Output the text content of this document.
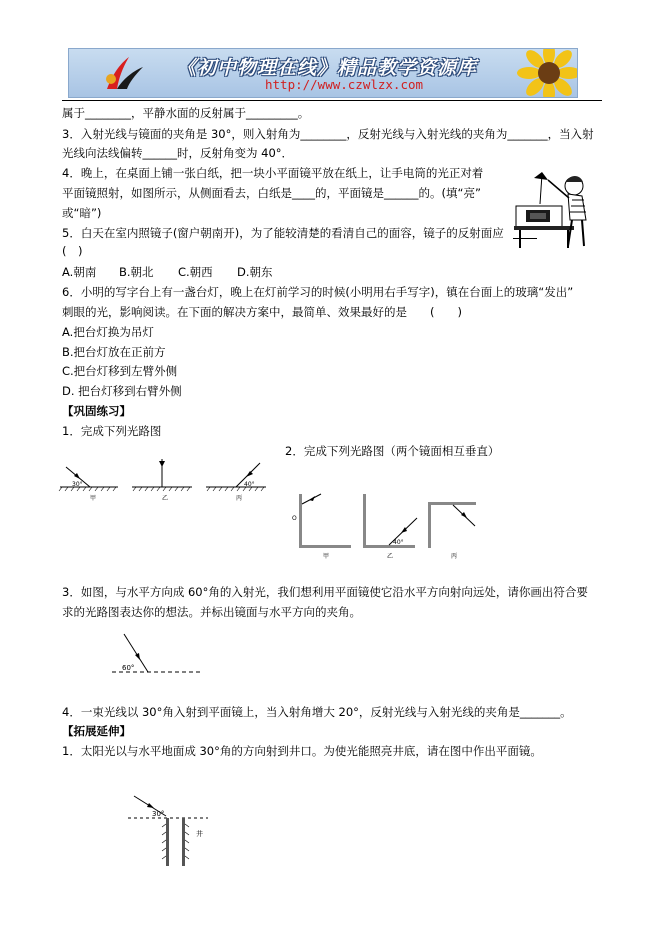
《初中物理在线》精品教学资源库
http://www.czwlzx.com
属于________，平静水面的反射属于_________。
3．入射光线与镜面的夹角是 30°，则入射角为________，反射光线与入射光线的夹角为_______，当入射
光线向法线偏转______时，反射角变为 40°．
4．晚上，在桌面上铺一张白纸，把一块小平面镜平放在纸上，让手电筒的光正对着
平面镜照射，如图所示，从侧面看去，白纸是____的，平面镜是______的。(填“亮”
或“暗”)
5．白天在室内照镜子(窗户朝南开)，为了能较清楚的看清自己的面容，镜子的反射面应
(　)
A.朝南 B.朝北 C.朝西 D.朝东
6．小明的写字台上有一盏台灯，晚上在灯前学习的时候(小明用右手写字)，镇在台面上的玻璃“发出”
刺眼的光，影响阅读。在下面的解决方案中，最简单、效果最好的是　　(　　)
A.把台灯换为吊灯
B.把台灯放在正前方
C.把台灯移到左臂外侧
D. 把台灯移到右臂外侧
【巩固练习】
1．完成下列光路图
2．完成下列光路图（两个镜面相互垂直）
30°	40°
甲	乙	丙
O
40°
甲	乙	丙
3．如图，与水平方向成 60°角的入射光，我们想利用平面镜使它沿水平方向射向远处，请你画出符合要
求的光路图表达你的想法。并标出镜面与水平方向的夹角。
60°
4．一束光线以 30°角入射到平面镜上，当入射角增大 20°，反射光线与入射光线的夹角是_______。
【拓展延伸】
1．太阳光以与水平地面成 30°角的方向射到井口。为使光能照亮井底，请在图中作出平面镜。
30°
井
